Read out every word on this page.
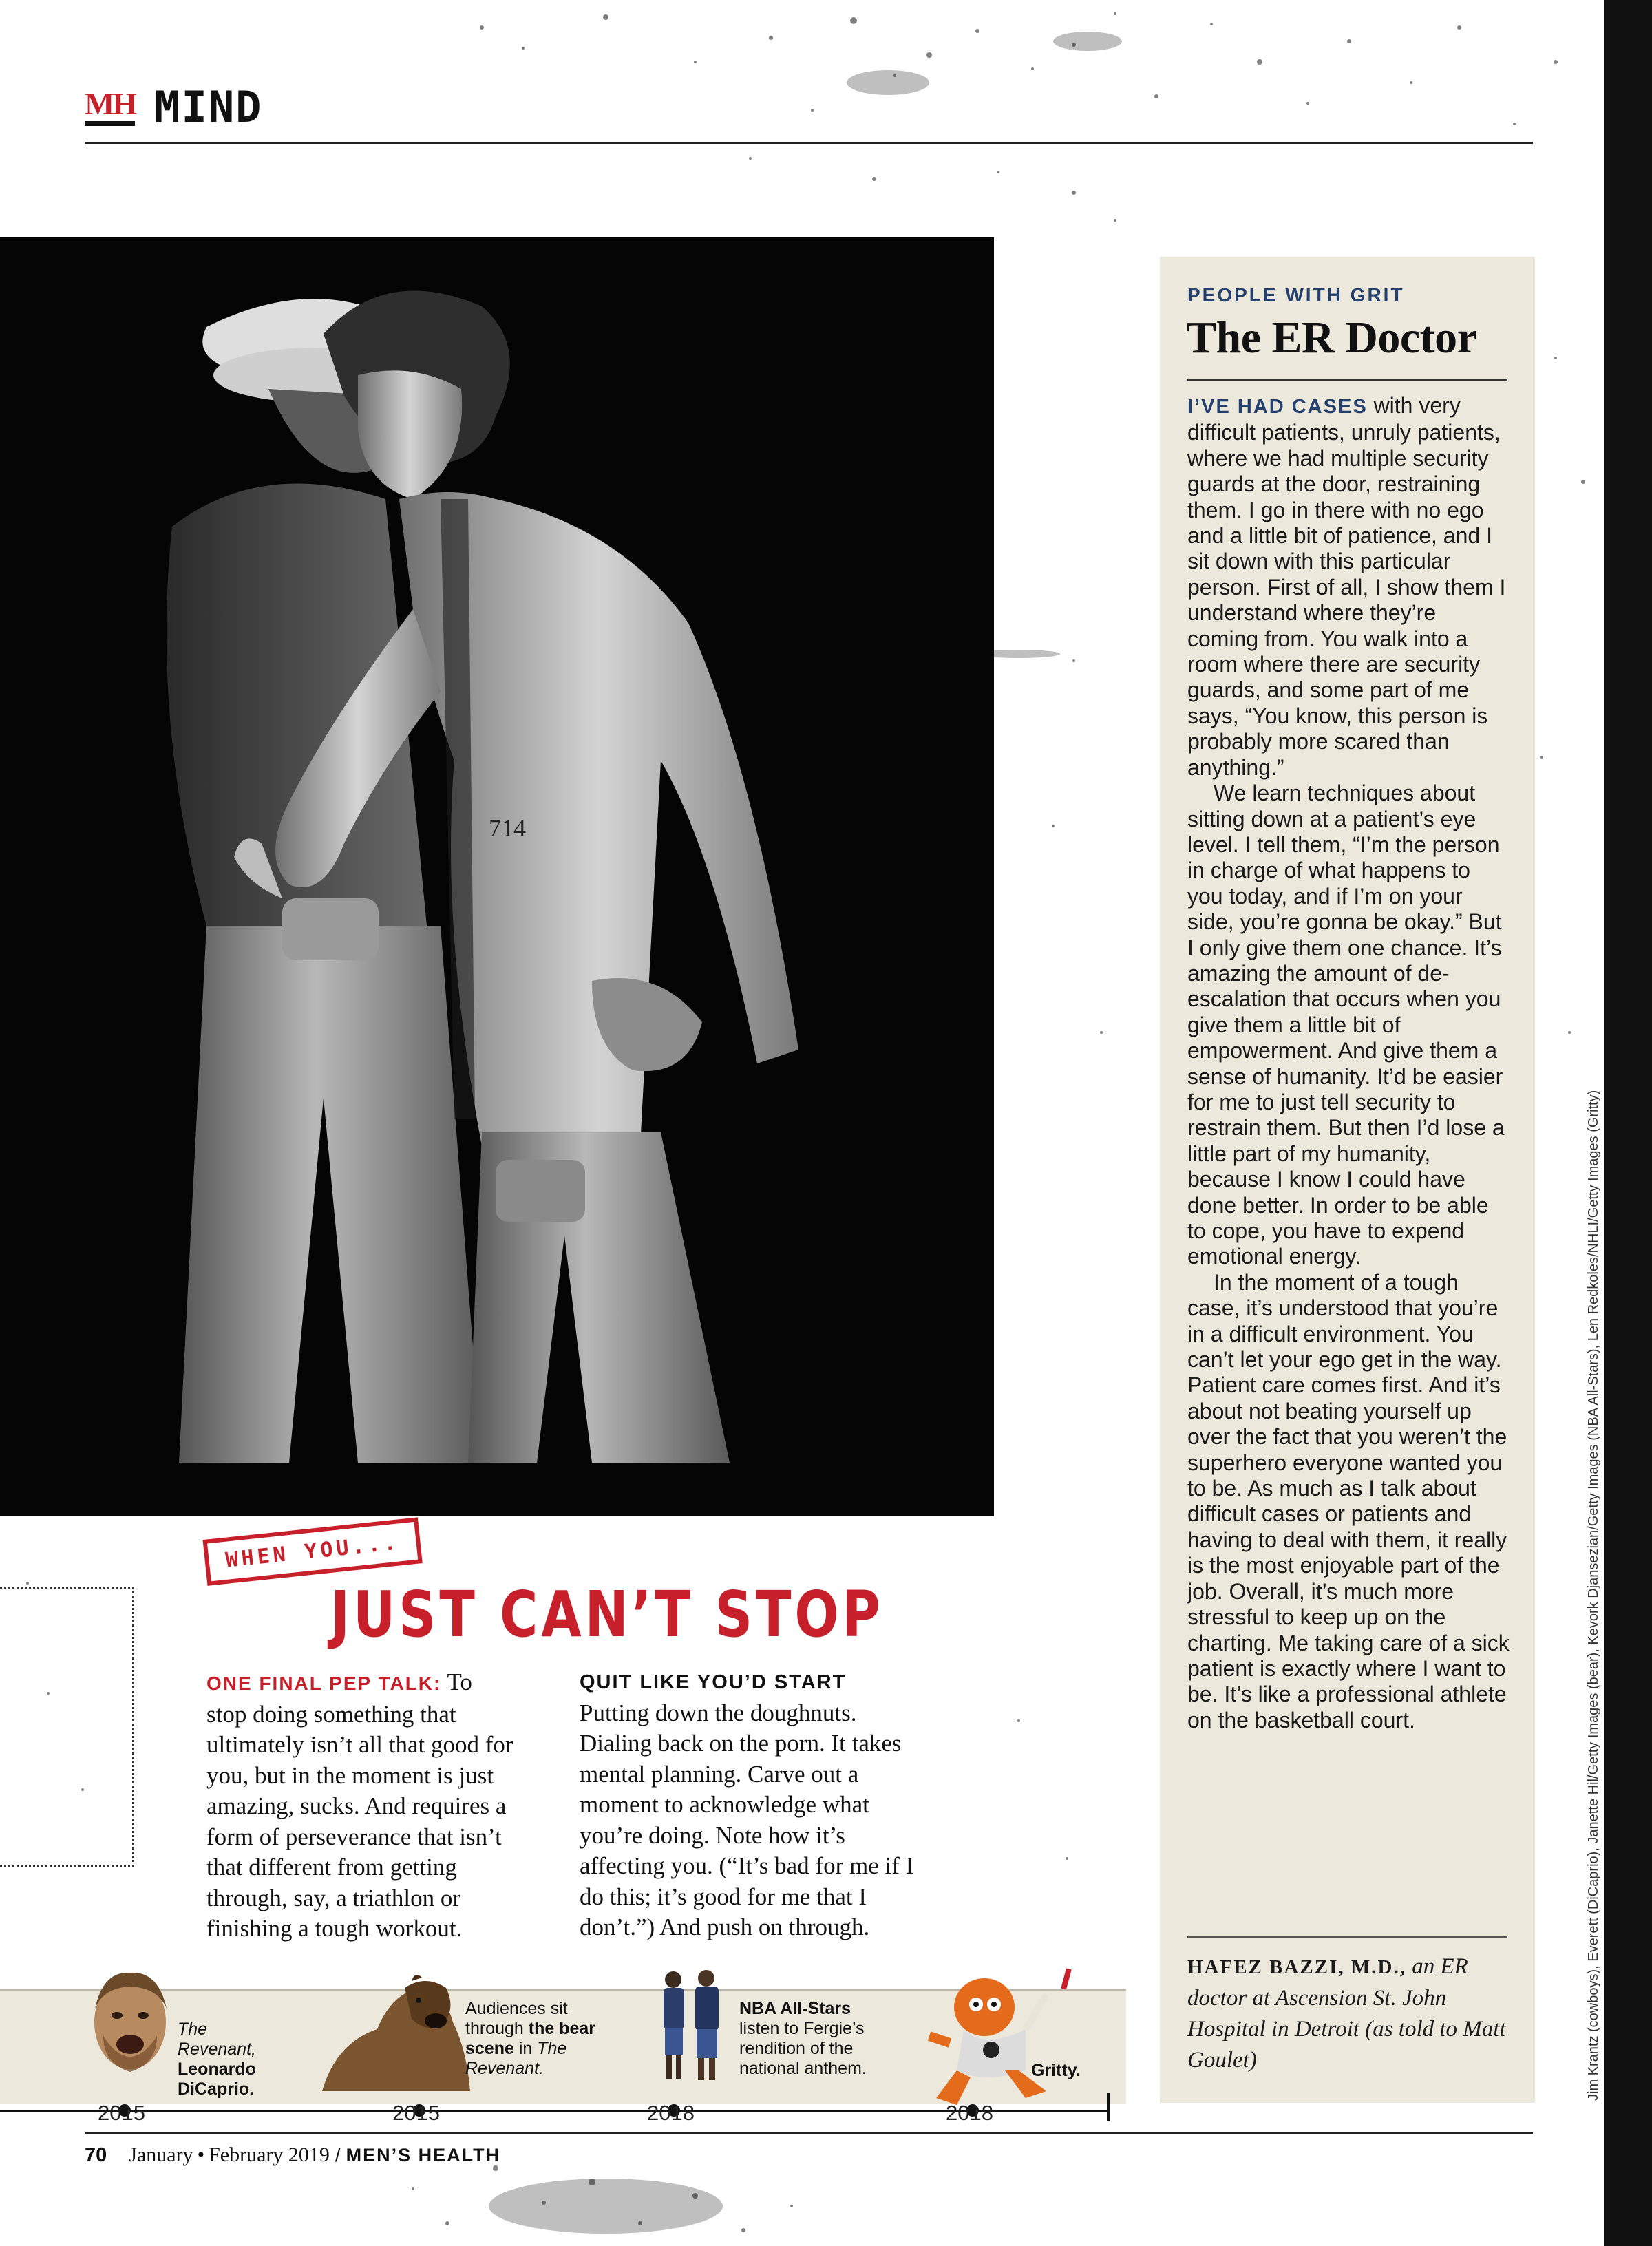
MH MIND
714
PEOPLE WITH GRIT
The ER Doctor

I’VE HAD CASES with very difficult patients, unruly patients, where we had multiple security guards at the door, restraining them. I go in there with no ego and a little bit of patience, and I sit down with this particular person. First of all, I show them I understand where they’re coming from. You walk into a room where there are security guards, and some part of me says, “You know, this person is probably more scared than anything.”

We learn techniques about sitting down at a patient’s eye level. I tell them, “I’m the person in charge of what happens to you today, and if I’m on your side, you’re gonna be okay.” But I only give them one chance. It’s amazing the amount of de-escalation that occurs when you give them a little bit of empowerment. And give them a sense of humanity. It’d be easier for me to just tell security to restrain them. But then I’d lose a little part of my humanity, because I know I could have done better. In order to be able to cope, you have to expend emotional energy.

In the moment of a tough case, it’s understood that you’re in a difficult environment. You can’t let your ego get in the way. Patient care comes first. And it’s about not beating yourself up over the fact that you weren’t the superhero everyone wanted you to be. As much as I talk about difficult cases or patients and having to deal with them, it really is the most enjoyable part of the job. Overall, it’s much more stressful to keep up on the charting. Me taking care of a sick patient is exactly where I want to be. It’s like a professional athlete on the basketball court.

HAFEZ BAZZI, M.D., an ER doctor at Ascension St. John Hospital in Detroit (as told to Matt Goulet)	Jim Krantz (cowboys), Everett (DiCaprio), Janette Hil/Getty Images (bear), Kevork Djansezian/Getty Images (NBA All-Stars), Len Redkoles/NHLI/Getty Images (Gritty)
WHEN YOU...
JUST CAN’T STOP
ONE FINAL PEP TALK: To stop doing something that ultimately isn’t all that good for you, but in the moment is just amazing, sucks. And requires a form of perseverance that isn’t that different from getting through, say, a triathlon or finishing a tough workout.
QUIT LIKE YOU’D START
Putting down the doughnuts. Dialing back on the porn. It takes mental planning. Carve out a moment to acknowledge what you’re doing. Note how it’s affecting you. (“It’s bad for me if I do this; it’s good for me that I don’t.”) And push on through.
The Revenant,
Leonardo DiCaprio.
Audiences sit through the bear scene in The Revenant.
NBA All-Stars
listen to Fergie’s rendition of the national anthem.	Gritty.
2015	2015	2018	2018
70 January • February 2019 / MEN’S HEALTH
